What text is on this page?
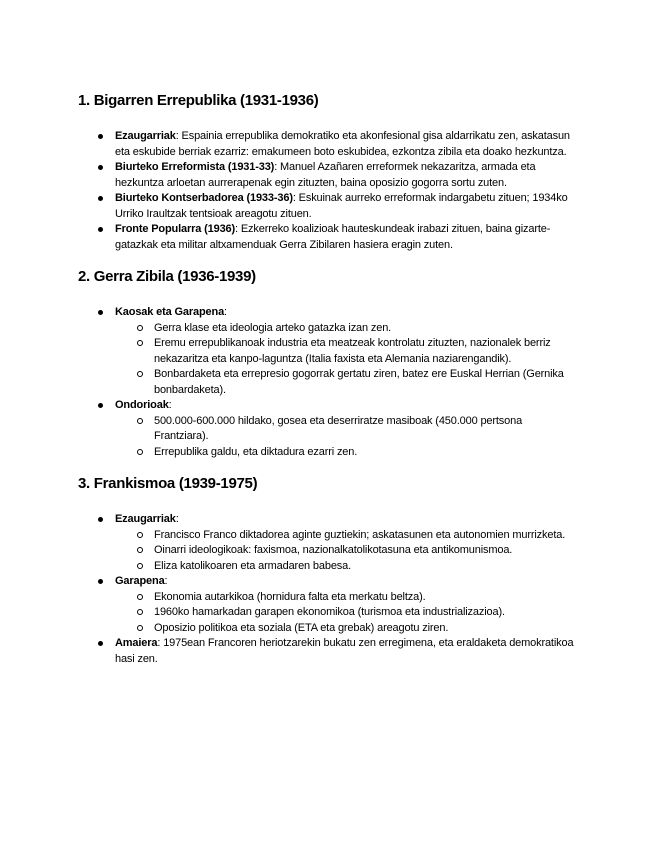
1. Bigarren Errepublika (1931-1936)
Ezaugarriak: Espainia errepublika demokratiko eta akonfesional gisa aldarrikatu zen, askatasun eta eskubide berriak ezarriz: emakumeen boto eskubidea, ezkontza zibila eta doako hezkuntza.
Biurteko Erreformista (1931-33): Manuel Azañaren erreformek nekazaritza, armada eta hezkuntza arloetan aurrerapenak egin zituzten, baina oposizio gogorra sortu zuten.
Biurteko Kontserbadorea (1933-36): Eskuinak aurreko erreformak indargabetu zituen; 1934ko Urriko Iraultzak tentsioak areagotu zituen.
Fronte Popularra (1936): Ezkerreko koalizioak hauteskundeak irabazi zituen, baina gizarte-gatazkak eta militar altxamenduak Gerra Zibilaren hasiera eragin zuten.
2. Gerra Zibila (1936-1939)
Kaosak eta Garapena:
Gerra klase eta ideologia arteko gatazka izan zen.
Eremu errepublikanoak industria eta meatzeak kontrolatu zituzten, nazionalek berriz nekazaritza eta kanpo-laguntza (Italia faxista eta Alemania naziarengandik).
Bonbardaketa eta errepresio gogorrak gertatu ziren, batez ere Euskal Herrian (Gernika bonbardaketa).
Ondorioak:
500.000-600.000 hildako, gosea eta deserriratze masiboak (450.000 pertsona Frantziara).
Errepublika galdu, eta diktadura ezarri zen.
3. Frankismoa (1939-1975)
Ezaugarriak:
Francisco Franco diktadorea aginte guztiekin; askatasunen eta autonomien murrizketa.
Oinarri ideologikoak: faxismoa, nazionalkatolikotasuna eta antikomunismoa.
Eliza katolikoaren eta armadaren babesa.
Garapena:
Ekonomia autarkikoa (hornidura falta eta merkatu beltza).
1960ko hamarkadan garapen ekonomikoa (turismoa eta industrializazioa).
Oposizio politikoa eta soziala (ETA eta grebak) areagotu ziren.
Amaiera: 1975ean Francoren heriotzarekin bukatu zen erregimena, eta eraldaketa demokratikoa hasi zen.
